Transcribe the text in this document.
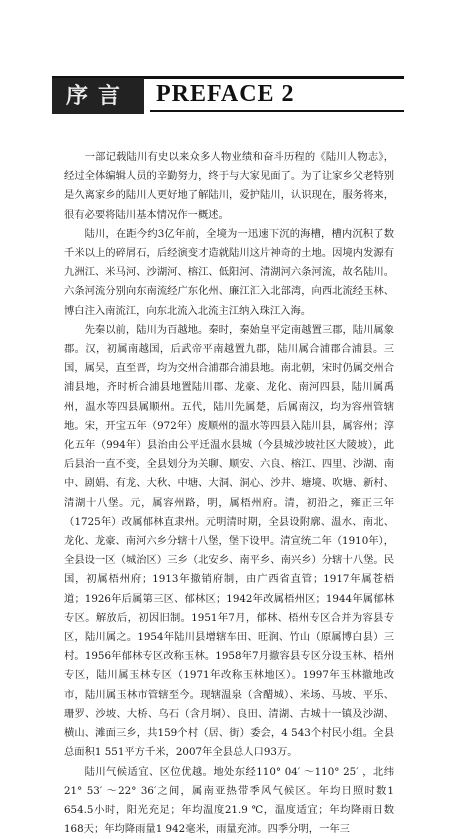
序言 PREFACE 2

一部记载陆川有史以来众多人物业绩和奋斗历程的《陆川人物志》，经过全体编辑人员的辛勤努力，终于与大家见面了。为了让家乡父老特别是久离家乡的陆川人更好地了解陆川，爱护陆川，认识现在，服务将来，很有必要将陆川基本情况作一概述。

陆川，在距今约3亿年前，全境为一迅速下沉的海槽，槽内沉积了数千米以上的碎屑石，后经演变才造就陆川这片神奇的土地。因境内发源有九洲江、米马河、沙湖河、榕江、低阳河、清湖河六条河流，故名陆川。六条河流分别向东南流经广东化州、廉江汇入北部湾，向西北流经玉林、博白注入南流江，向东北流入北流主江纳入珠江入海。

先秦以前，陆川为百越地。秦时，秦始皇平定南越置三郡，陆川属象郡。汉，初属南越国，后武帝平南越置九郡，陆川属合浦郡合浦县。三国，属吴，直至晋，均为交州合浦郡合浦县地。南北朝，宋时仍属交州合浦县地，齐时析合浦县地置陆川郡、龙豪、龙化、南河四县，陆川属禹州，温水等四县属顺州。五代，陆川先属楚，后属南汉，均为容州管辖地。宋，开宝五年（972年）废顺州的温水等四县入陆川县，属容州；淳化五年（994年）县治由公平迁温水县城（今县城沙坡社区大陵坡），此后县治一直不变，全县划分为关聊、顺安、六良、榕江、四里、沙湖、南中、剧娟、有龙、大秋、中塘、大洞、洞心、沙井、塘境、吹塘、新村、清湖十八堡。元，属容州路，明，属梧州府。清，初沿之，雍正三年（1725年）改属郁林直隶州。元明清时期，全县设附廓、温水、南北、龙化、龙豪、南河六乡分辖十八堡，堡下设甲。清宣统二年（1910年），全县设一区（城治区）三乡（北安乡、南平乡、南兴乡）分辖十八堡。民国，初属梧州府；1913年撤销府制，由广西省直管；1917年属苍梧道；1926年后属第三区、郁林区；1942年改属梧州区；1944年属郁林专区。解放后，初因旧制。1951年7月，郁林、梧州专区合并为容县专区，陆川属之。1954年陆川县增辖车田、旺润、竹山（原属博白县）三村。1956年郁林专区改称玉林。1958年7月撤容县专区分设玉林、梧州专区，陆川属玉林专区（1971年改称玉林地区）。1997年玉林撤地改市，陆川属玉林市管辖至今。现辖温泉（含醋城）、米场、马坡、平乐、珊罗、沙坡、大桥、乌石（含月垌）、良田、清湖、古城十一镇及沙湖、横山、滩面三乡，共159个村（居、街）委会，4 543个村民小组。全县总面积1 551平方千米，2007年全县总人口93万。

陆川气候适宜、区位优越。地处东经110° 04′ ～110° 25′ ，北纬21° 53′ ～22° 36′之间，属南亚热带季风气候区。年均日照时数1 654.5小时，阳光充足；年均温度21.9 ℃，温度适宜；年均降雨日数168天；年均降雨量1 942毫米，雨量充沛。四季分明，一年三
